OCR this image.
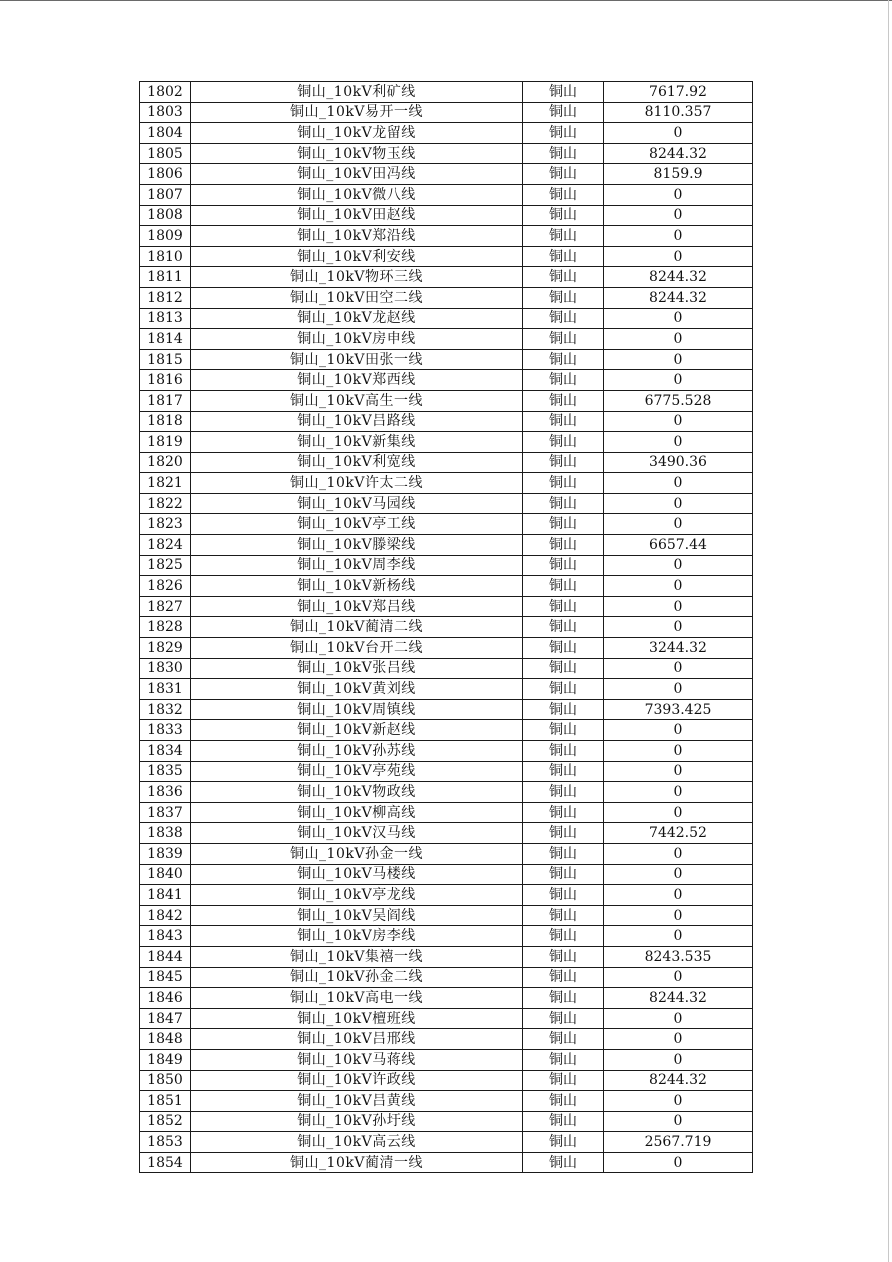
1802	铜山_10kV利矿线	铜山	7617.92
1803	铜山_10kV易开一线	铜山	8110.357
1804	铜山_10kV龙留线	铜山	0
1805	铜山_10kV物玉线	铜山	8244.32
1806	铜山_10kV田冯线	铜山	8159.9
1807	铜山_10kV微八线	铜山	0
1808	铜山_10kV田赵线	铜山	0
1809	铜山_10kV郑沿线	铜山	0
1810	铜山_10kV利安线	铜山	0
1811	铜山_10kV物环三线	铜山	8244.32
1812	铜山_10kV田空二线	铜山	8244.32
1813	铜山_10kV龙赵线	铜山	0
1814	铜山_10kV房申线	铜山	0
1815	铜山_10kV田张一线	铜山	0
1816	铜山_10kV郑西线	铜山	0
1817	铜山_10kV高生一线	铜山	6775.528
1818	铜山_10kV吕路线	铜山	0
1819	铜山_10kV新集线	铜山	0
1820	铜山_10kV利宽线	铜山	3490.36
1821	铜山_10kV许太二线	铜山	0
1822	铜山_10kV马园线	铜山	0
1823	铜山_10kV亭工线	铜山	0
1824	铜山_10kV滕梁线	铜山	6657.44
1825	铜山_10kV周李线	铜山	0
1826	铜山_10kV新杨线	铜山	0
1827	铜山_10kV郑吕线	铜山	0
1828	铜山_10kV蔺清二线	铜山	0
1829	铜山_10kV台开二线	铜山	3244.32
1830	铜山_10kV张吕线	铜山	0
1831	铜山_10kV黄刘线	铜山	0
1832	铜山_10kV周镇线	铜山	7393.425
1833	铜山_10kV新赵线	铜山	0
1834	铜山_10kV孙苏线	铜山	0
1835	铜山_10kV亭苑线	铜山	0
1836	铜山_10kV物政线	铜山	0
1837	铜山_10kV柳高线	铜山	0
1838	铜山_10kV汉马线	铜山	7442.52
1839	铜山_10kV孙金一线	铜山	0
1840	铜山_10kV马楼线	铜山	0
1841	铜山_10kV亭龙线	铜山	0
1842	铜山_10kV吴阎线	铜山	0
1843	铜山_10kV房李线	铜山	0
1844	铜山_10kV集禧一线	铜山	8243.535
1845	铜山_10kV孙金二线	铜山	0
1846	铜山_10kV高电一线	铜山	8244.32
1847	铜山_10kV檀班线	铜山	0
1848	铜山_10kV吕邢线	铜山	0
1849	铜山_10kV马蒋线	铜山	0
1850	铜山_10kV许政线	铜山	8244.32
1851	铜山_10kV吕黄线	铜山	0
1852	铜山_10kV孙圩线	铜山	0
1853	铜山_10kV高云线	铜山	2567.719
1854	铜山_10kV蔺清一线	铜山	0
